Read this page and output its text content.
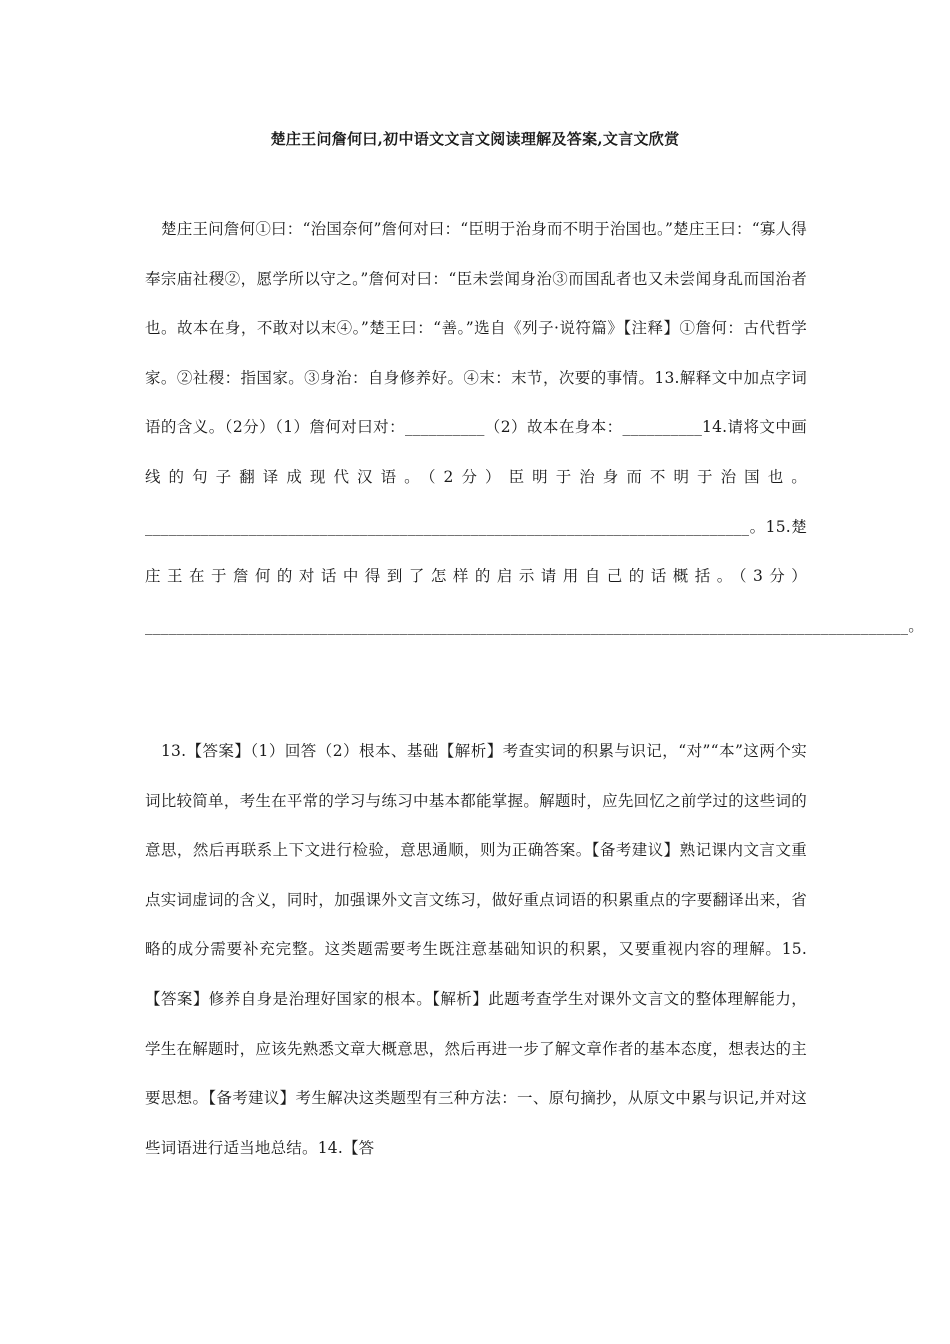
楚庄王问詹何曰,初中语文文言文阅读理解及答案,文言文欣赏

楚庄王问詹何①曰：“治国奈何”詹何对曰：“臣明于治身而不明于治国也。”楚庄王曰：“寡人得奉宗庙社稷②，愿学所以守之。”詹何对曰：“臣未尝闻身治③而国乱者也又未尝闻身乱而国治者也。故本在身，不敢对以末④。”楚王曰：“善。”选自《列子·说符篇》【注释】①詹何：古代哲学家。②社稷：指国家。③身治：自身修养好。④末：末节，次要的事情。13.解释文中加点字词语的含义。（2分）（1）詹何对曰对：__________（2）故本在身本：__________14.请将文中画线的句子翻译成现代汉语。（2分）臣明于治身而不明于治国也。____________________________________________________________________________。15.楚庄王在于詹何的对话中得到了怎样的启示请用自己的话概括。（3分）________________________________________________________________________________________________。

13.【答案】（1）回答（2）根本、基础【解析】考查实词的积累与识记，“对”“本”这两个实词比较简单，考生在平常的学习与练习中基本都能掌握。解题时，应先回忆之前学过的这些词的意思，然后再联系上下文进行检验，意思通顺，则为正确答案。【备考建议】熟记课内文言文重点实词虚词的含义，同时，加强课外文言文练习，做好重点词语的积累重点的字要翻译出来，省略的成分需要补充完整。这类题需要考生既注意基础知识的积累，又要重视内容的理解。15.【答案】修养自身是治理好国家的根本。【解析】此题考查学生对课外文言文的整体理解能力，学生在解题时，应该先熟悉文章大概意思，然后再进一步了解文章作者的基本态度，想表达的主要思想。【备考建议】考生解决这类题型有三种方法：一、原句摘抄，从原文中累与识记,并对这些词语进行适当地总结。14.【答
